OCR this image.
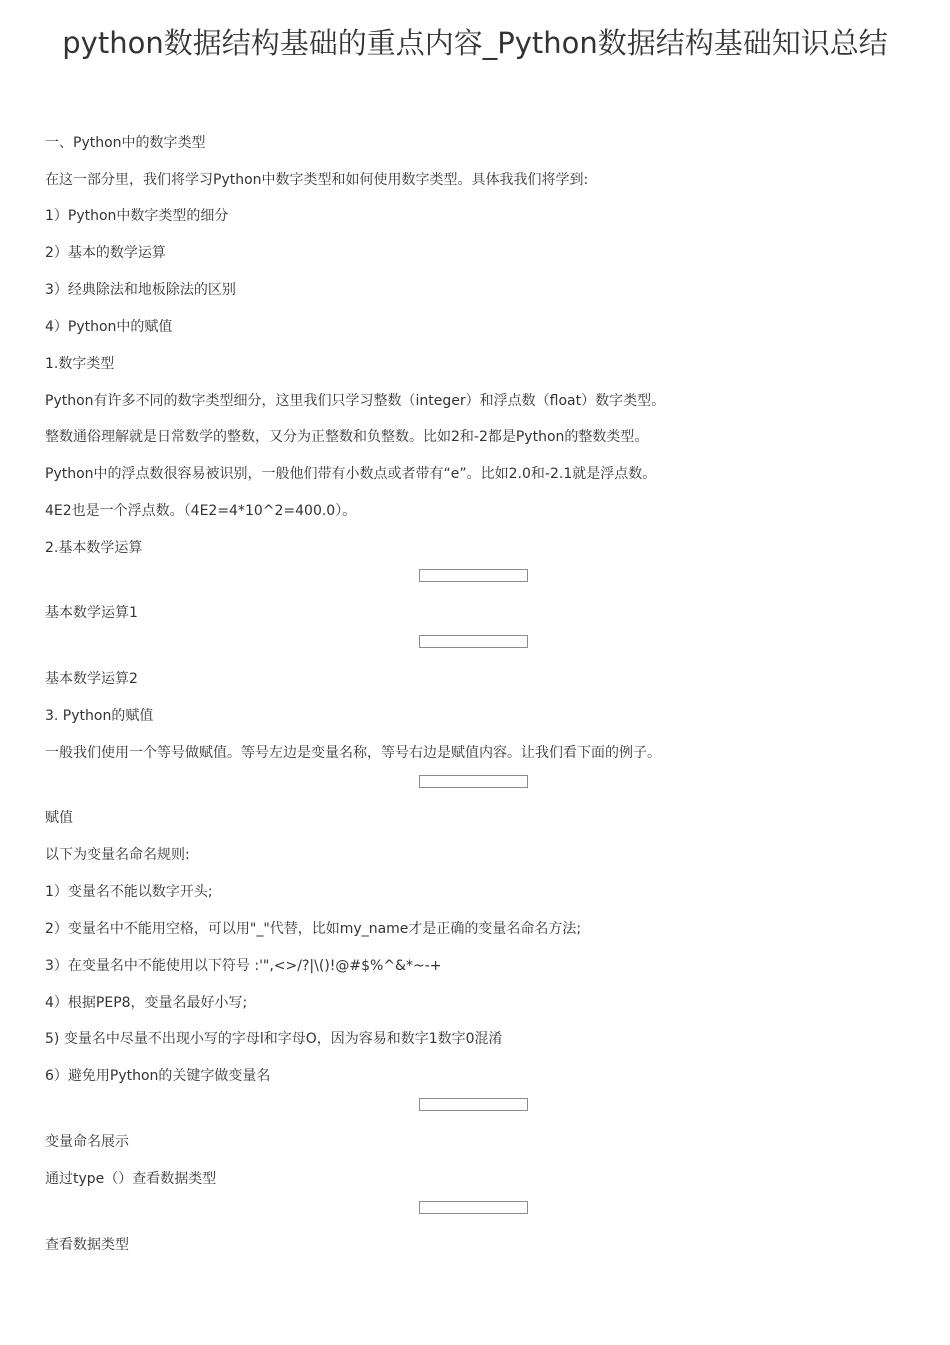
python数据结构基础的重点内容_Python数据结构基础知识总结

一、Python中的数字类型

在这一部分里，我们将学习Python中数字类型和如何使用数字类型。具体我我们将学到:

1）Python中数字类型的细分

2）基本的数学运算

3）经典除法和地板除法的区别

4）Python中的赋值

1.数字类型

Python有许多不同的数字类型细分，这里我们只学习整数（integer）和浮点数（float）数字类型。

整数通俗理解就是日常数学的整数，又分为正整数和负整数。比如2和-2都是Python的整数类型。

Python中的浮点数很容易被识别，一般他们带有小数点或者带有“e”。比如2.0和-2.1就是浮点数。

4E2也是一个浮点数。（4E2=4*10^2=400.0）。

2.基本数学运算

基本数学运算1

基本数学运算2

3. Python的赋值

一般我们使用一个等号做赋值。等号左边是变量名称，等号右边是赋值内容。让我们看下面的例子。

赋值

以下为变量名命名规则:

1）变量名不能以数字开头;

2）变量名中不能用空格，可以用"_"代替，比如my_name才是正确的变量名命名方法;

3）在变量名中不能使用以下符号 :'",<>/?|\()!@#$%^&*~-+

4）根据PEP8，变量名最好小写;

5) 变量名中尽量不出现小写的字母l和字母O，因为容易和数字1数字0混淆

6）避免用Python的关键字做变量名

变量命名展示

通过type（）查看数据类型

查看数据类型
